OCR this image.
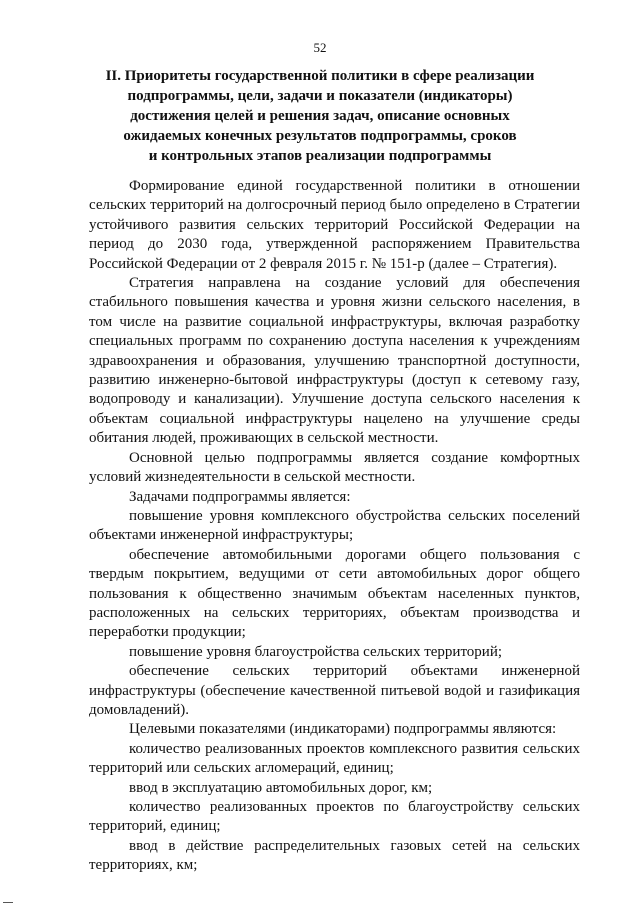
52
II. Приоритеты государственной политики в сфере реализации
подпрограммы, цели, задачи и показатели (индикаторы)
достижения целей и решения задач, описание основных
ожидаемых конечных результатов подпрограммы, сроков
и контрольных этапов реализации подпрограммы

Формирование единой государственной политики в отношении сельских территорий на долгосрочный период было определено в Стратегии устойчивого развития сельских территорий Российской Федерации на период до 2030 года, утвержденной распоряжением Правительства Российской Федерации от 2 февраля 2015 г. № 151-р (далее – Стратегия).

Стратегия направлена на создание условий для обеспечения стабильного повышения качества и уровня жизни сельского населения, в том числе на развитие социальной инфраструктуры, включая разработку специальных программ по сохранению доступа населения к учреждениям здравоохранения и образования, улучшению транспортной доступности, развитию инженерно-бытовой инфраструктуры (доступ к сетевому газу, водопроводу и канализации). Улучшение доступа сельского населения к объектам социальной инфраструктуры нацелено на улучшение среды обитания людей, проживающих в сельской местности.

Основной целью подпрограммы является создание комфортных условий жизнедеятельности в сельской местности.

Задачами подпрограммы является:

повышение уровня комплексного обустройства сельских поселений объектами инженерной инфраструктуры;

обеспечение автомобильными дорогами общего пользования с твердым покрытием, ведущими от сети автомобильных дорог общего пользования к общественно значимым объектам населенных пунктов, расположенных на сельских территориях, объектам производства и переработки продукции;

повышение уровня благоустройства сельских территорий;

обеспечение сельских территорий объектами инженерной инфраструктуры (обеспечение качественной питьевой водой и газификация домовладений).

Целевыми показателями (индикаторами) подпрограммы являются:

количество реализованных проектов комплексного развития сельских территорий или сельских агломераций, единиц;

ввод в эксплуатацию автомобильных дорог, км;

количество реализованных проектов по благоустройству сельских территорий, единиц;

ввод в действие распределительных газовых сетей на сельских территориях, км;
